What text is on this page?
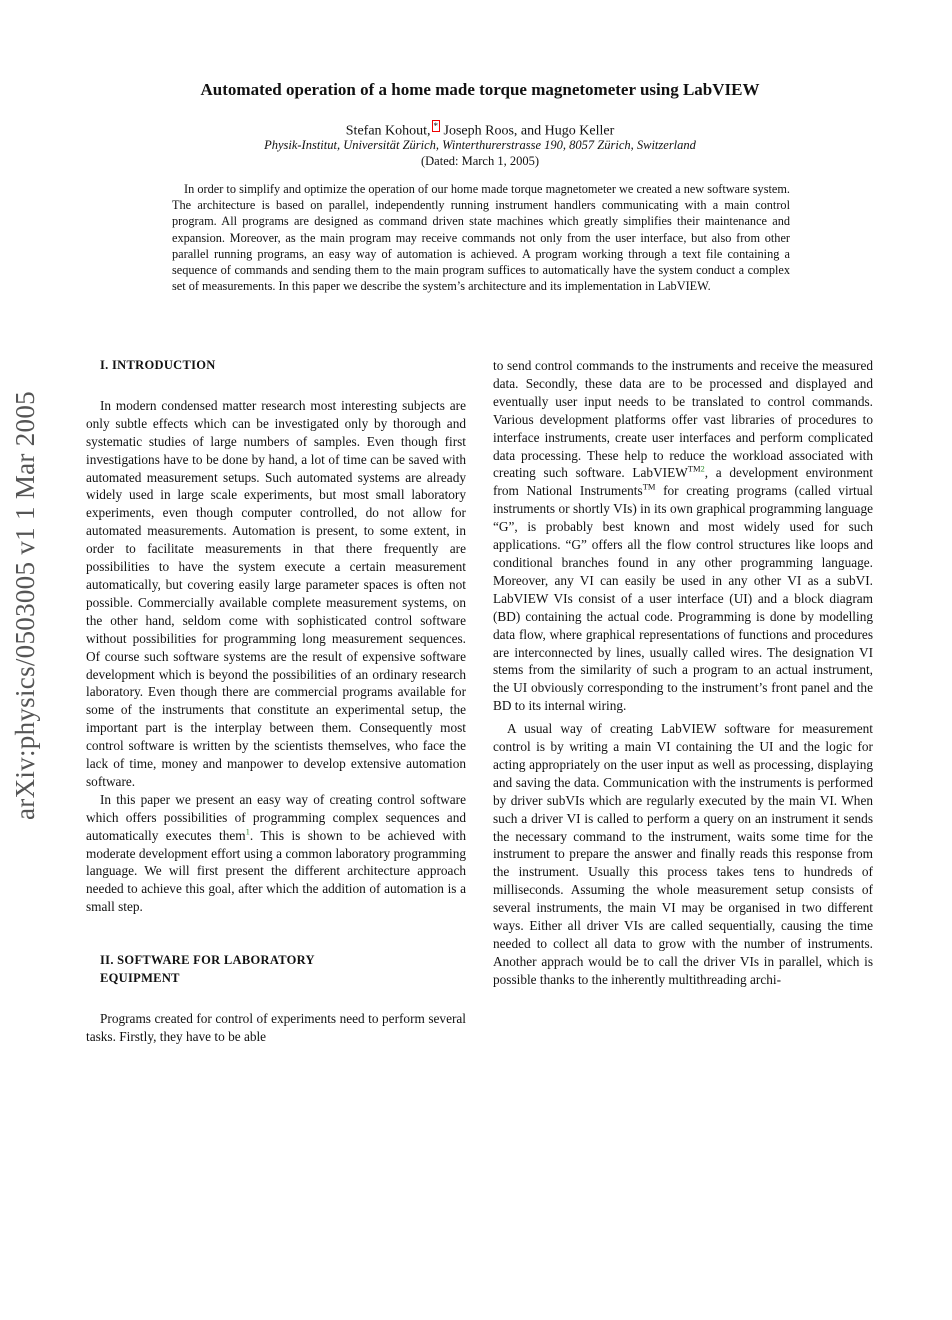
arXiv:physics/0503005 v1 1 Mar 2005
Automated operation of a home made torque magnetometer using LabVIEW
Stefan Kohout, * Joseph Roos, and Hugo Keller
Physik-Institut, Universität Zürich, Winterthurerstrasse 190, 8057 Zürich, Switzerland
(Dated: March 1, 2005)

In order to simplify and optimize the operation of our home made torque magnetometer we created a new software system. The architecture is based on parallel, independently running instrument handlers communicating with a main control program. All programs are designed as command driven state machines which greatly simplifies their maintenance and expansion. Moreover, as the main program may receive commands not only from the user interface, but also from other parallel running programs, an easy way of automation is achieved. A program working through a text file containing a sequence of commands and sending them to the main program suffices to automatically have the system conduct a complex set of measurements. In this paper we describe the system’s architecture and its implementation in LabVIEW.

I. INTRODUCTION

In modern condensed matter research most interesting subjects are only subtle effects which can be investigated only by thorough and systematic studies of large numbers of samples. Even though first investigations have to be done by hand, a lot of time can be saved with automated measurement setups. Such automated systems are already widely used in large scale experiments, but most small laboratory experiments, even though computer controlled, do not allow for automated measurements. Automation is present, to some extent, in order to facilitate measurements in that there frequently are possibilities to have the system execute a certain measurement automatically, but covering easily large parameter spaces is often not possible. Commercially available complete measurement systems, on the other hand, seldom come with sophisticated control software without possibilities for programming long measurement sequences. Of course such software systems are the result of expensive software development which is beyond the possibilities of an ordinary research laboratory. Even though there are commercial programs available for some of the instruments that constitute an experimental setup, the important part is the interplay between them. Consequently most control software is written by the scientists themselves, who face the lack of time, money and manpower to develop extensive automation software.

In this paper we present an easy way of creating control software which offers possibilities of programming complex sequences and automatically executes them$^1$. This is shown to be achieved with moderate development effort using a common laboratory programming language. We will first present the different architecture approach needed to achieve this goal, after which the addition of automation is a small step.

II. SOFTWARE FOR LABORATORY

EQUIPMENT

Programs created for control of experiments need to perform several tasks. Firstly, they have to be able

to send control commands to the instruments and receive the measured data. Secondly, these data are to be processed and displayed and eventually user input needs to be translated to control commands. Various development platforms offer vast libraries of procedures to interface instruments, create user interfaces and perform complicated data processing. These help to reduce the workload associated with creating such software. LabVIEW$^{TM2}$, a development environment from National Instruments™ for creating programs (called virtual instruments or shortly VIs) in its own graphical programming language “G”, is probably best known and most widely used for such applications. “G” offers all the flow control structures like loops and conditional branches found in any other programming language. Moreover, any VI can easily be used in any other VI as a subVI. LabVIEW VIs consist of a user interface (UI) and a block diagram (BD) containing the actual code. Programming is done by modelling data flow, where graphical representations of functions and procedures are interconnected by lines, usually called wires. The designation VI stems from the similarity of such a program to an actual instrument, the UI obviously corresponding to the instrument’s front panel and the BD to its internal wiring.

A usual way of creating LabVIEW software for measurement control is by writing a main VI containing the UI and the logic for acting appropriately on the user input as well as processing, displaying and saving the data. Communication with the instruments is performed by driver subVIs which are regularly executed by the main VI. When such a driver VI is called to perform a query on an instrument it sends the necessary command to the instrument, waits some time for the instrument to prepare the answer and finally reads this response from the instrument. Usually this process takes tens to hundreds of milliseconds. Assuming the whole measurement setup consists of several instruments, the main VI may be organised in two different ways. Either all driver VIs are called sequentially, causing the time needed to collect all data to grow with the number of instruments. Another apprach would be to call the driver VIs in parallel, which is possible thanks to the inherently multithreading archi-
